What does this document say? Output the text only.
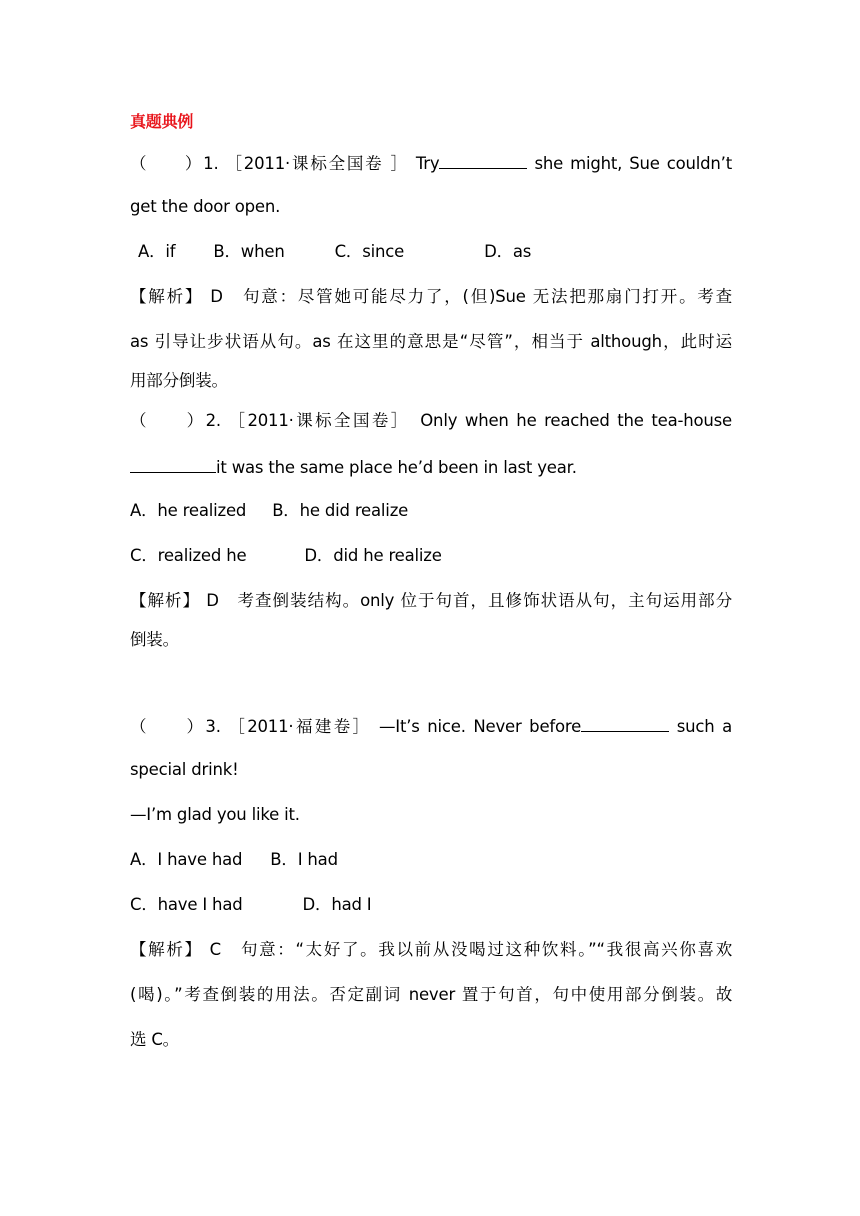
真题典例
（　　）1. ［2011·课标全国卷 ］ Try	she might, Sue couldn’t
get the door open.
A．if B．when	C．since	D．as
【解析】 D　句意：尽管她可能尽力了，(但)Sue 无法把那扇门打开。考查
as 引导让步状语从句。as 在这里的意思是“尽管”，相当于 although，此时运
用部分倒装。
（　　）2. ［2011·课标全国卷］　Only when he reached the tea-house
it was the same place he’d been in last year.
A．he realized B．he did realize
C．realized he	D．did he realize
【解析】 D　考查倒装结构。only 位于句首，且修饰状语从句，主句运用部分
倒装。
（　　）3. ［2011·福建卷］ —It’s nice. Never before	such a
special drink!
—I’m glad you like it.
A．I have had B．I had
C．have I had	D．had I
【解析】 C　句意：“太好了。我以前从没喝过这种饮料。”“我很高兴你喜欢
(喝)。”考查倒装的用法。否定副词 never 置于句首，句中使用部分倒装。故
选 C。
